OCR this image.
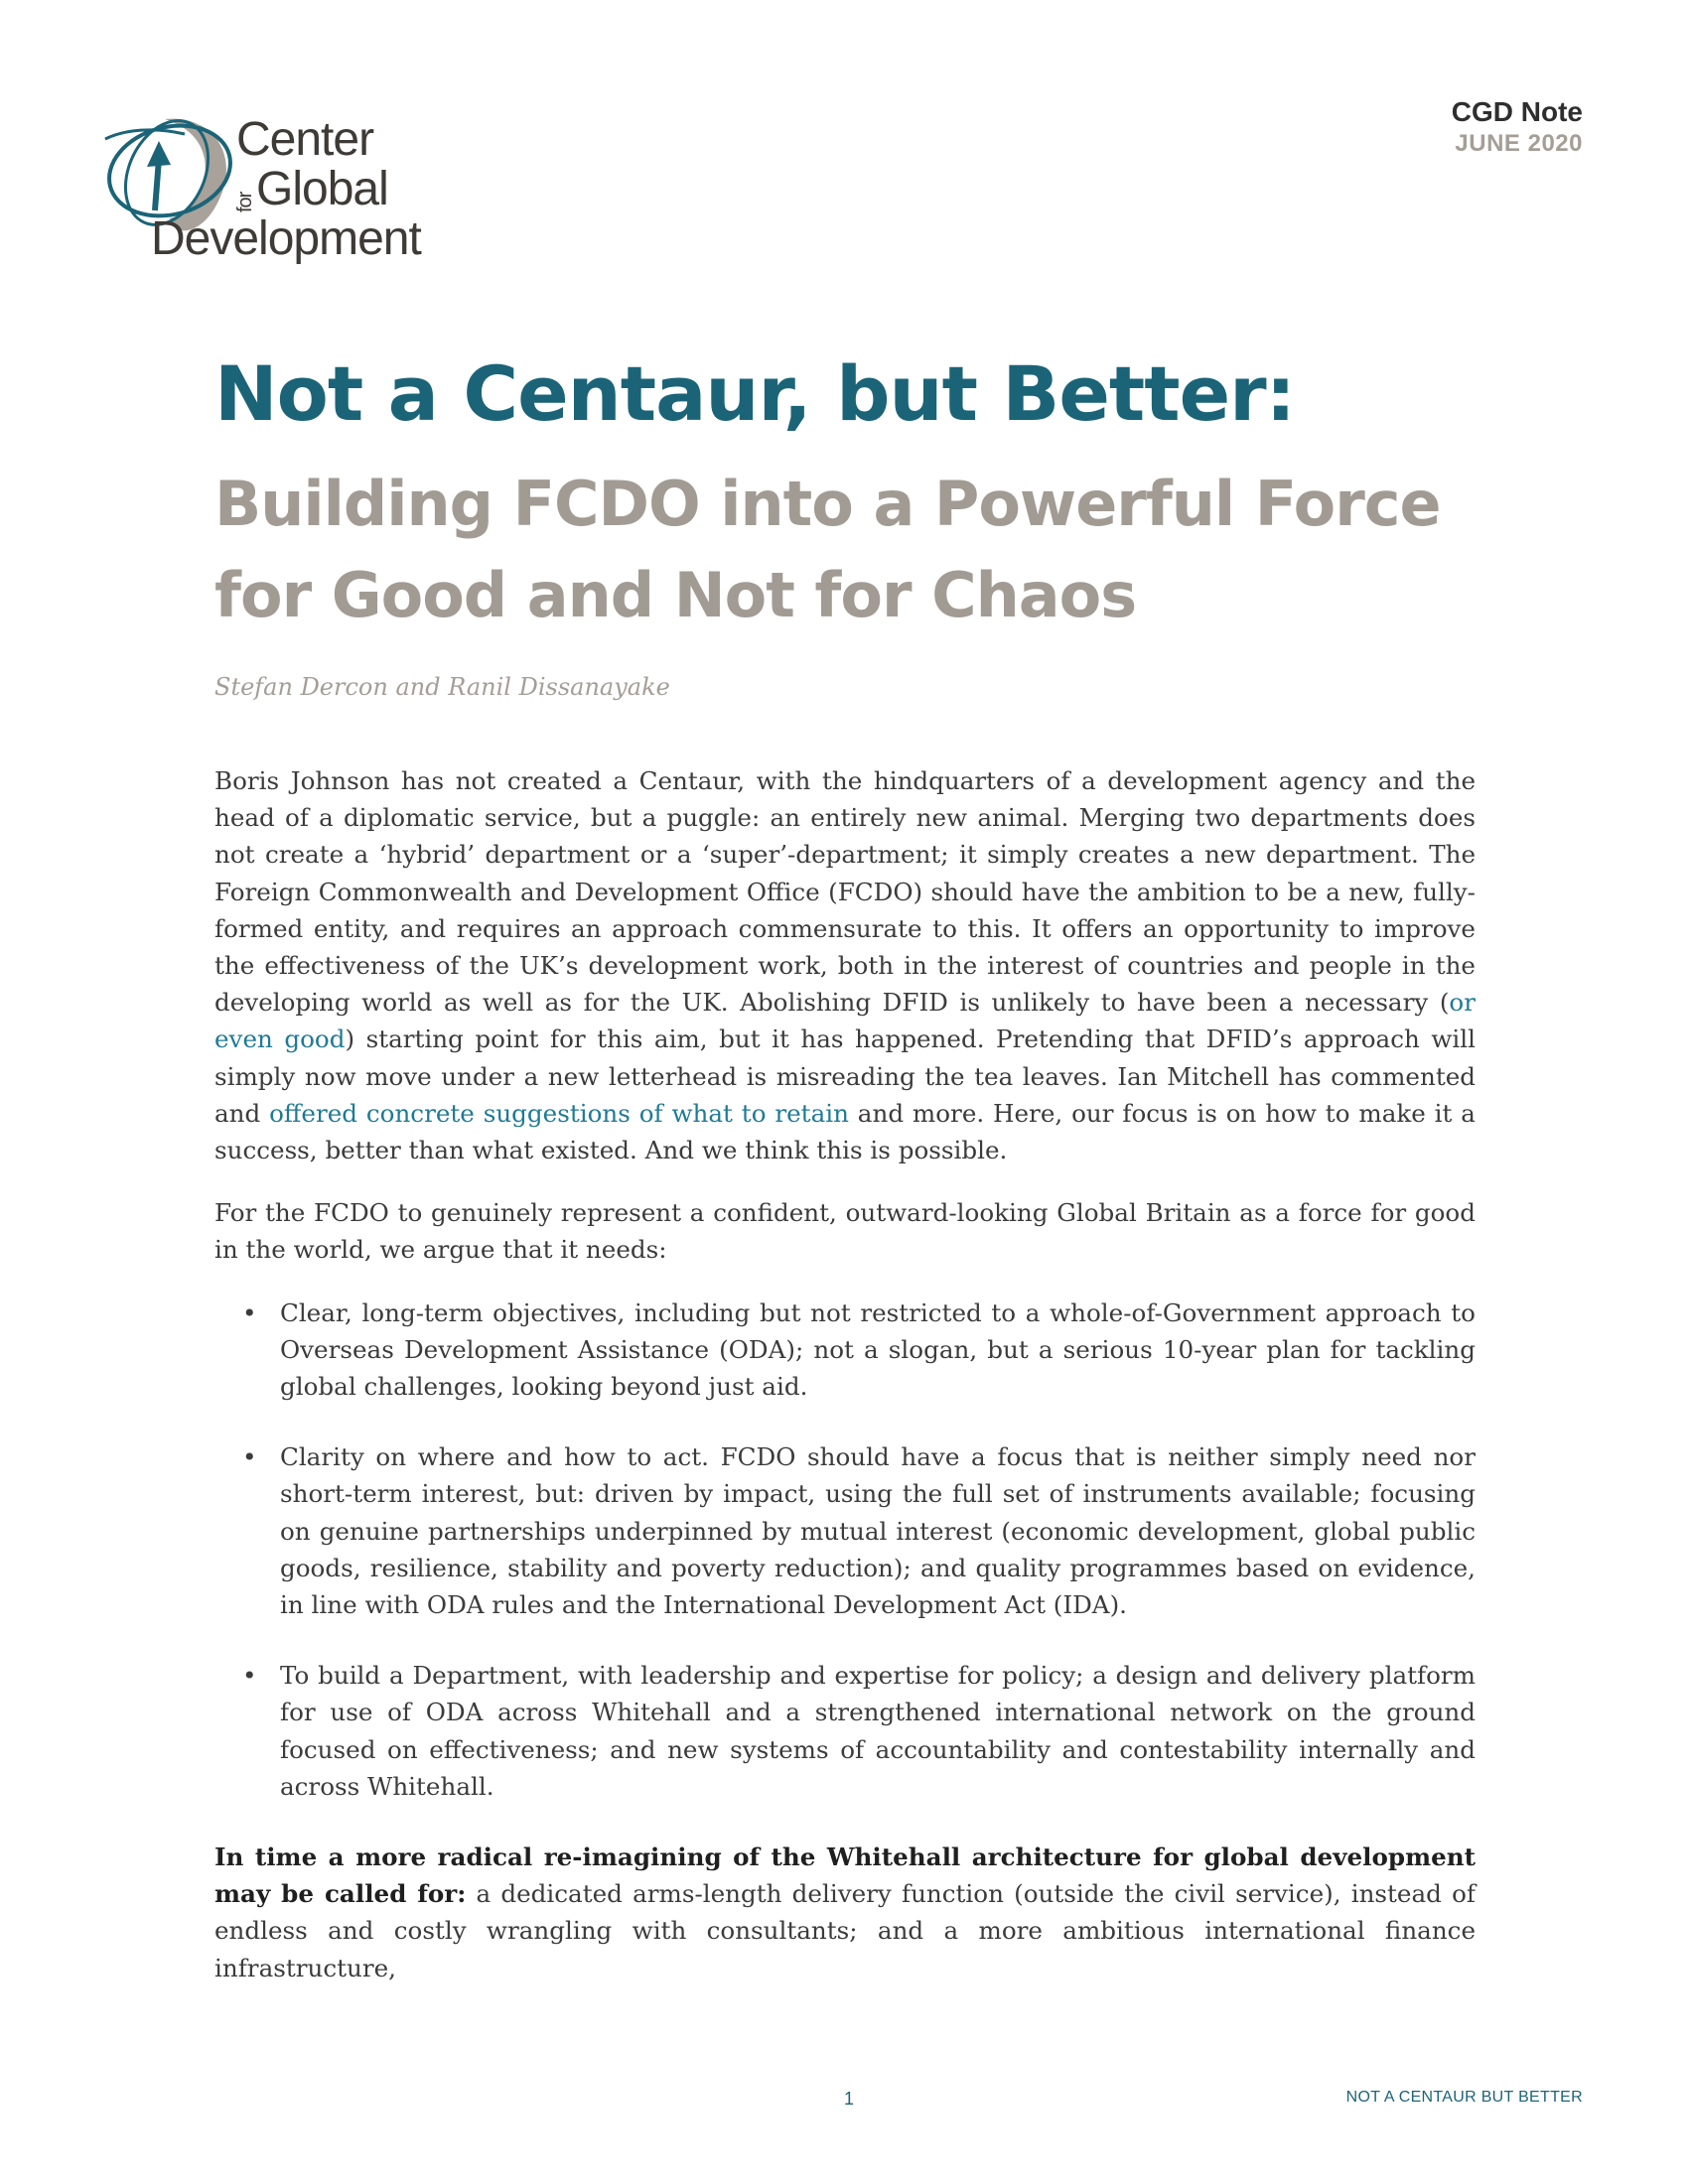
Center
for Global
Development
CGD Note
JUNE 2020
Not a Centaur, but Better:
Building FCDO into a Powerful Force for Good and Not for Chaos
Stefan Dercon and Ranil Dissanayake

Boris Johnson has not created a Centaur, with the hindquarters of a development agency and the head of a diplomatic service, but a puggle: an entirely new animal. Merging two departments does not create a ‘hybrid’ department or a ‘super’-department; it simply creates a new department. The Foreign Commonwealth and Development Office (FCDO) should have the ambition to be a new, fully-formed entity, and requires an approach commensurate to this. It offers an opportunity to improve the effectiveness of the UK’s development work, both in the interest of countries and people in the developing world as well as for the UK. Abolishing DFID is unlikely to have been a necessary (or even good) starting point for this aim, but it has happened. Pretending that DFID’s approach will simply now move under a new letterhead is misreading the tea leaves. Ian Mitchell has commented and offered concrete suggestions of what to retain and more. Here, our focus is on how to make it a success, better than what existed. And we think this is possible.

For the FCDO to genuinely represent a confident, outward-looking Global Britain as a force for good in the world, we argue that it needs:

• Clear, long-term objectives, including but not restricted to a whole-of-Government approach to Overseas Development Assistance (ODA); not a slogan, but a serious 10-year plan for tackling global challenges, looking beyond just aid.
• Clarity on where and how to act. FCDO should have a focus that is neither simply need nor short-term interest, but: driven by impact, using the full set of instruments available; focusing on genuine partnerships underpinned by mutual interest (economic development, global public goods, resilience, stability and poverty reduction); and quality programmes based on evidence, in line with ODA rules and the International Development Act (IDA).
• To build a Department, with leadership and expertise for policy; a design and delivery platform for use of ODA across Whitehall and a strengthened international network on the ground focused on effectiveness; and new systems of accountability and contestability internally and across Whitehall.

In time a more radical re-imagining of the Whitehall architecture for global development may be called for: a dedicated arms-length delivery function (outside the civil service), instead of endless and costly wrangling with consultants; and a more ambitious international finance infrastructure,

1	NOT A CENTAUR BUT BETTER
